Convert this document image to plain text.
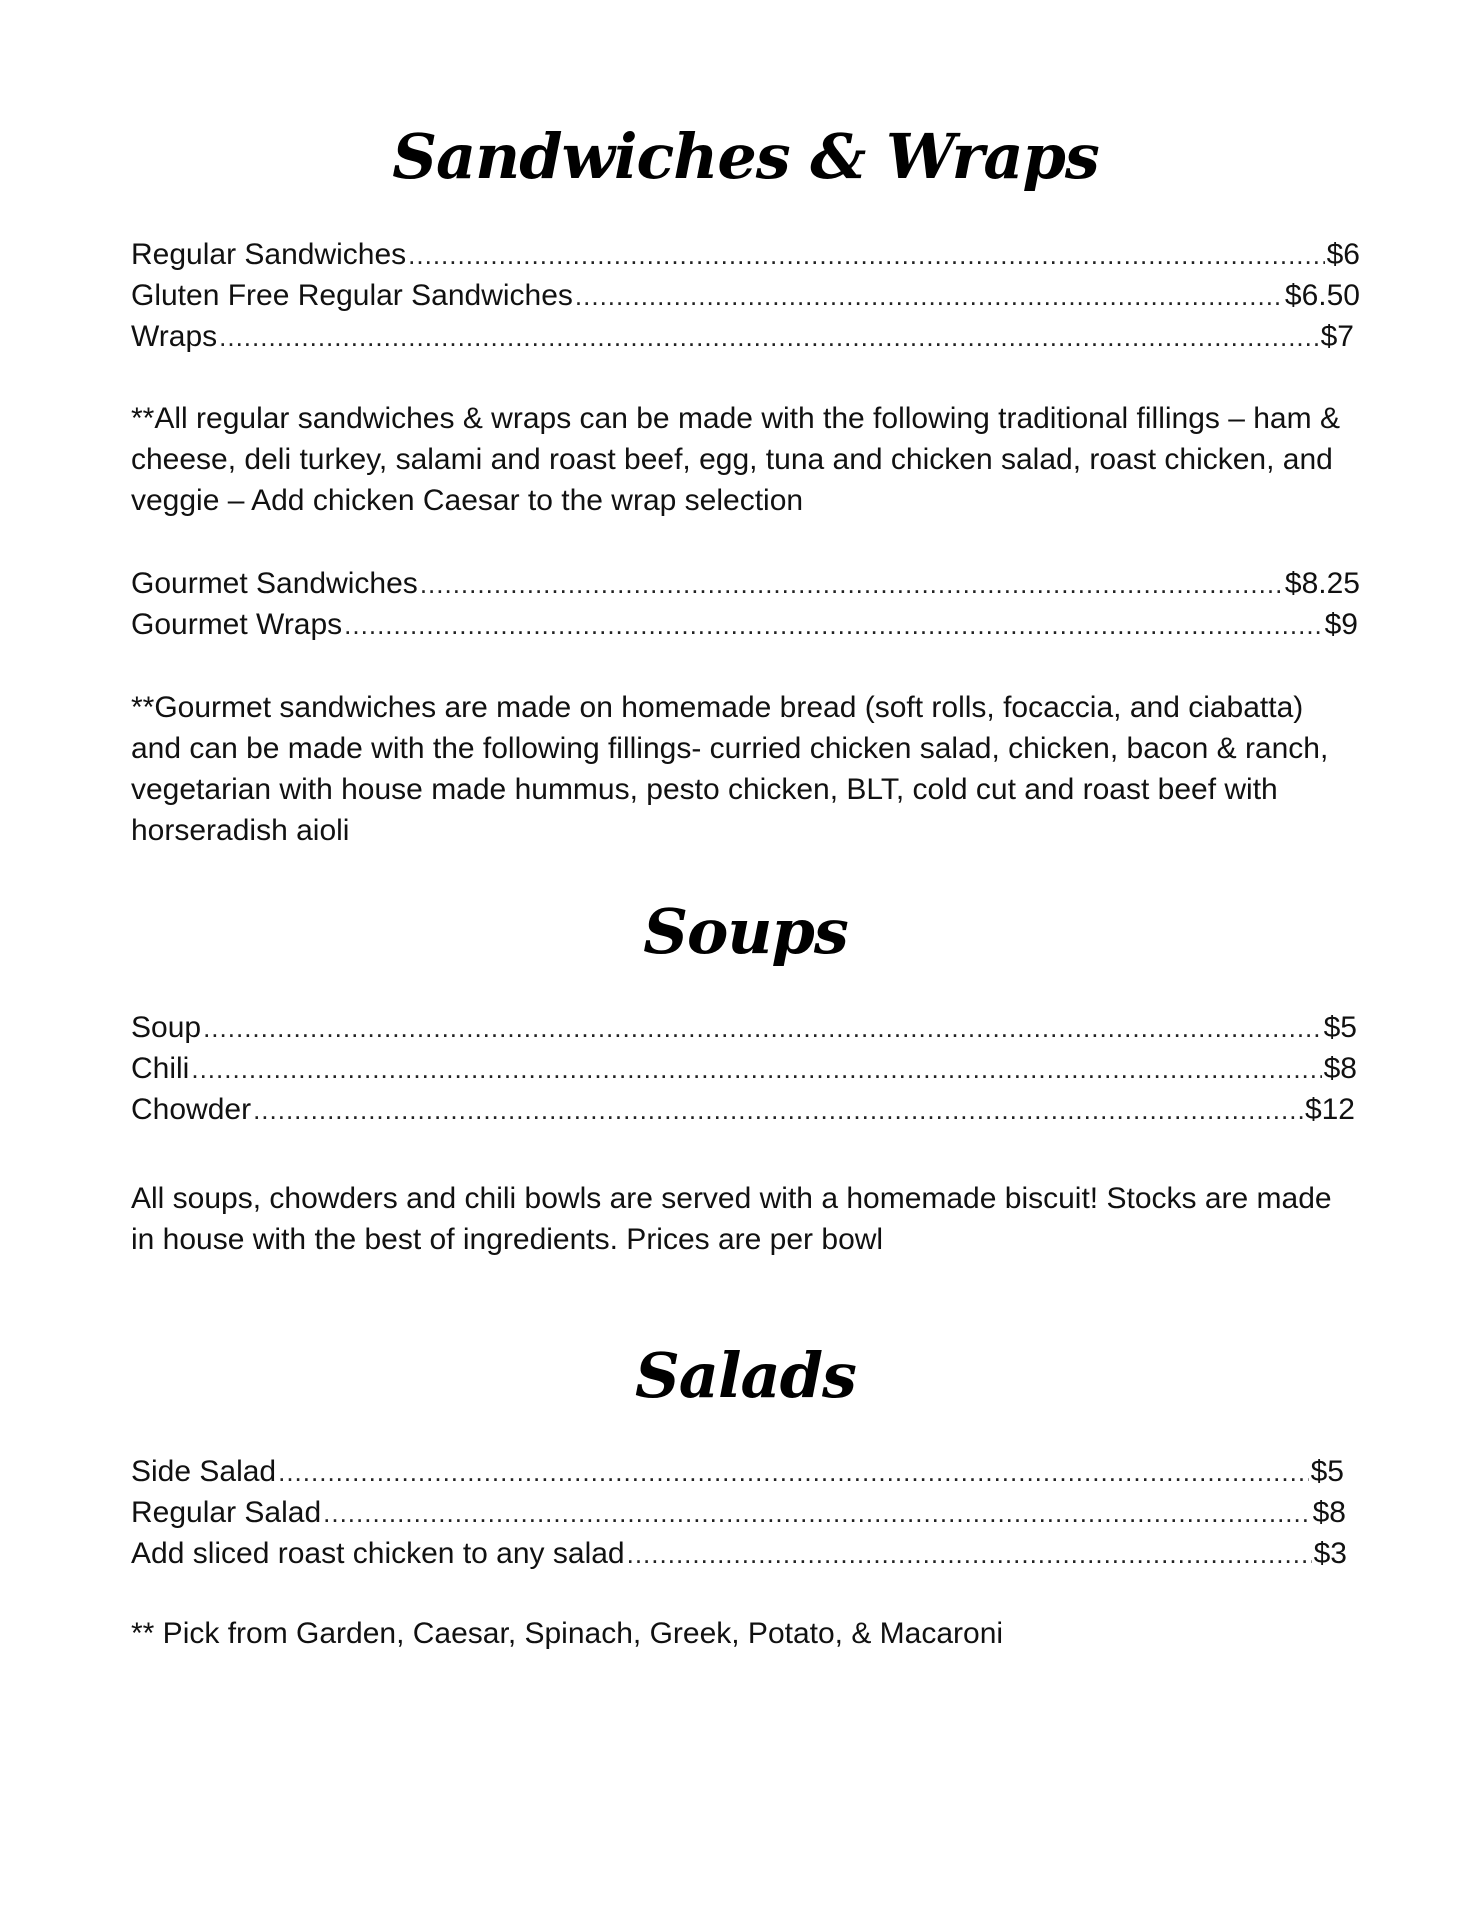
Sandwiches & Wraps
Regular Sandwiches .....	$6
Gluten Free Regular Sandwiches .....	$6.50
Wraps .....	$7

**All regular sandwiches & wraps can be made with the following traditional fillings – ham & cheese, deli turkey, salami and roast beef, egg, tuna and chicken salad, roast chicken, and veggie – Add chicken Caesar to the wrap selection

Gourmet Sandwiches .....	$8.25
Gourmet Wraps .....	$9

**Gourmet sandwiches are made on homemade bread (soft rolls, focaccia, and ciabatta) and can be made with the following fillings- curried chicken salad, chicken, bacon & ranch, vegetarian with house made hummus, pesto chicken, BLT, cold cut and roast beef with horseradish aioli

Soups
Soup .....	$5
Chili .....	$8
Chowder .....	$12

All soups, chowders and chili bowls are served with a homemade biscuit! Stocks are made in house with the best of ingredients. Prices are per bowl

Salads
Side Salad .....	$5
Regular Salad .....	$8
Add sliced roast chicken to any salad .....	$3

** Pick from Garden, Caesar, Spinach, Greek, Potato, & Macaroni
